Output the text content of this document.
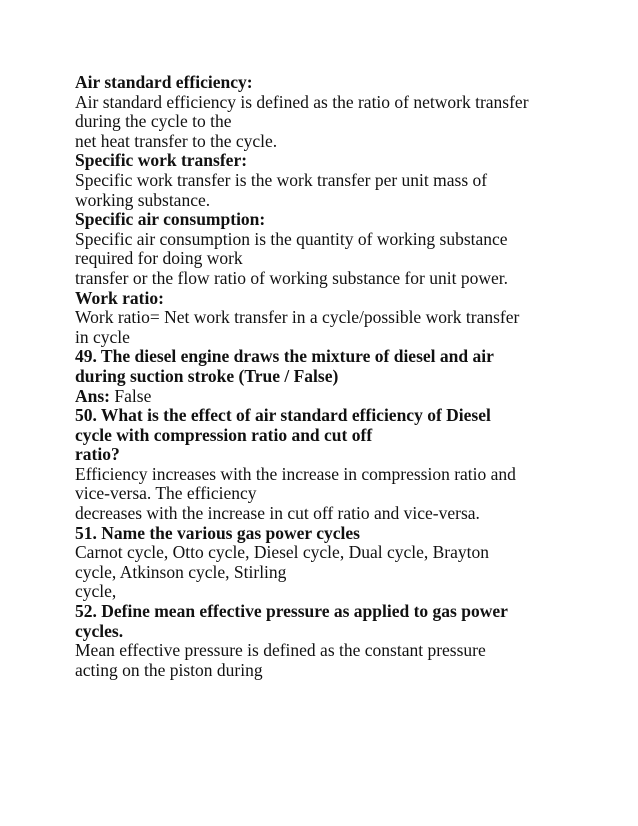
Air standard efficiency:
Air standard efficiency is defined as the ratio of network transfer
during the cycle to the
net heat transfer to the cycle.
Specific work transfer:
Specific work transfer is the work transfer per unit mass of
working substance.
Specific air consumption:
Specific air consumption is the quantity of working substance
required for doing work
transfer or the flow ratio of working substance for unit power.
Work ratio:
Work ratio= Net work transfer in a cycle/possible work transfer
in cycle
49. The diesel engine draws the mixture of diesel and air
during suction stroke (True / False)
Ans: False
50. What is the effect of air standard efficiency of Diesel
cycle with compression ratio and cut off
ratio?
Efficiency increases with the increase in compression ratio and
vice-versa. The efficiency
decreases with the increase in cut off ratio and vice-versa.
51. Name the various gas power cycles
Carnot cycle, Otto cycle, Diesel cycle, Dual cycle, Brayton
cycle, Atkinson cycle, Stirling
cycle,
52. Define mean effective pressure as applied to gas power
cycles.
Mean effective pressure is defined as the constant pressure
acting on the piston during
